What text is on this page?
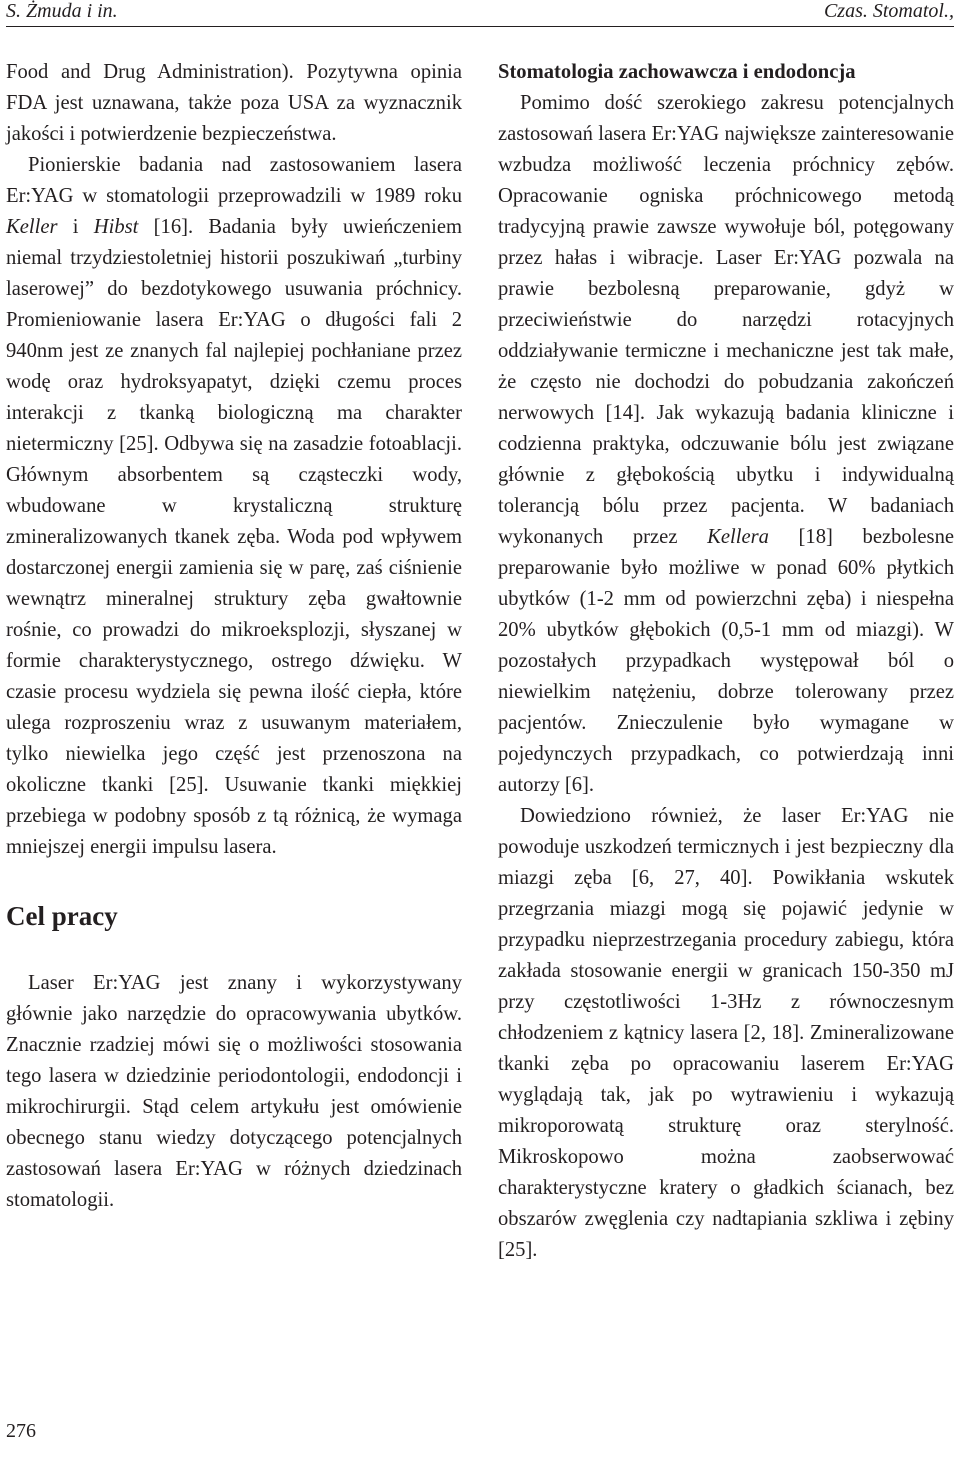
S. Żmuda i in.	Czas. Stomatol.,

Food and Drug Administration). Pozytywna opinia FDA jest uznawana, także poza USA za wyznacznik jakości i potwierdzenie bezpieczeństwa.

Pionierskie badania nad zastosowaniem lasera Er:YAG w stomatologii przeprowadzili w 1989 roku Keller i Hibst [16]. Badania były uwieńczeniem niemal trzydziestoletniej historii poszukiwań „turbiny laserowej” do bezdotykowego usuwania próchnicy. Promieniowanie lasera Er:YAG o długości fali 2 940nm jest ze znanych fal najlepiej pochłaniane przez wodę oraz hydroksyapatyt, dzięki czemu proces interakcji z tkanką biologiczną ma charakter nietermiczny [25]. Odbywa się na zasadzie fotoablacji. Głównym absorbentem są cząsteczki wody, wbudowane w krystaliczną strukturę zmineralizowanych tkanek zęba. Woda pod wpływem dostarczonej energii zamienia się w parę, zaś ciśnienie wewnątrz mineralnej struktury zęba gwałtownie rośnie, co prowadzi do mikroeksplozji, słyszanej w formie charakterystycznego, ostrego dźwięku. W czasie procesu wydziela się pewna ilość ciepła, które ulega rozproszeniu wraz z usuwanym materiałem, tylko niewielka jego część jest przenoszona na okoliczne tkanki [25]. Usuwanie tkanki miękkiej przebiega w podobny sposób z tą różnicą, że wymaga mniejszej energii impulsu lasera.

Cel pracy

Laser Er:YAG jest znany i wykorzystywany głównie jako narzędzie do opracowywania ubytków. Znacznie rzadziej mówi się o możliwości stosowania tego lasera w dziedzinie periodontologii, endodoncji i mikrochirurgii. Stąd celem artykułu jest omówienie obecnego stanu wiedzy dotyczącego potencjalnych zastosowań lasera Er:YAG w różnych dziedzinach stomatologii.

Stomatologia zachowawcza i endodoncja

Pomimo dość szerokiego zakresu potencjalnych zastosowań lasera Er:YAG największe zainteresowanie wzbudza możliwość leczenia próchnicy zębów. Opracowanie ogniska próchnicowego metodą tradycyjną prawie zawsze wywołuje ból, potęgowany przez hałas i wibracje. Laser Er:YAG pozwala na prawie bezbolesną preparowanie, gdyż w przeciwieństwie do narzędzi rotacyjnych oddziaływanie termiczne i mechaniczne jest tak małe, że często nie dochodzi do pobudzania zakończeń nerwowych [14]. Jak wykazują badania kliniczne i codzienna praktyka, odczuwanie bólu jest związane głównie z głębokością ubytku i indywidualną tolerancją bólu przez pacjenta. W badaniach wykonanych przez Kellera [18] bezbolesne preparowanie było możliwe w ponad 60% płytkich ubytków (1-2 mm od powierzchni zęba) i niespełna 20% ubytków głębokich (0,5-1 mm od miazgi). W pozostałych przypadkach występował ból o niewielkim natężeniu, dobrze tolerowany przez pacjentów. Znieczulenie było wymagane w pojedynczych przypadkach, co potwierdzają inni autorzy [6].

Dowiedziono również, że laser Er:YAG nie powoduje uszkodzeń termicznych i jest bezpieczny dla miazgi zęba [6, 27, 40]. Powikłania wskutek przegrzania miazgi mogą się pojawić jedynie w przypadku nieprzestrzegania procedury zabiegu, która zakłada stosowanie energii w granicach 150-350 mJ przy częstotliwości 1-3Hz z równoczesnym chłodzeniem z kątnicy lasera [2, 18]. Zmineralizowane tkanki zęba po opracowaniu laserem Er:YAG wyglądają tak, jak po wytrawieniu i wykazują mikroporowatą strukturę oraz sterylność. Mikroskopowo można zaobserwować charakterystyczne kratery o gładkich ścianach, bez obszarów zwęglenia czy nadtapiania szkliwa i zębiny [25].

276
